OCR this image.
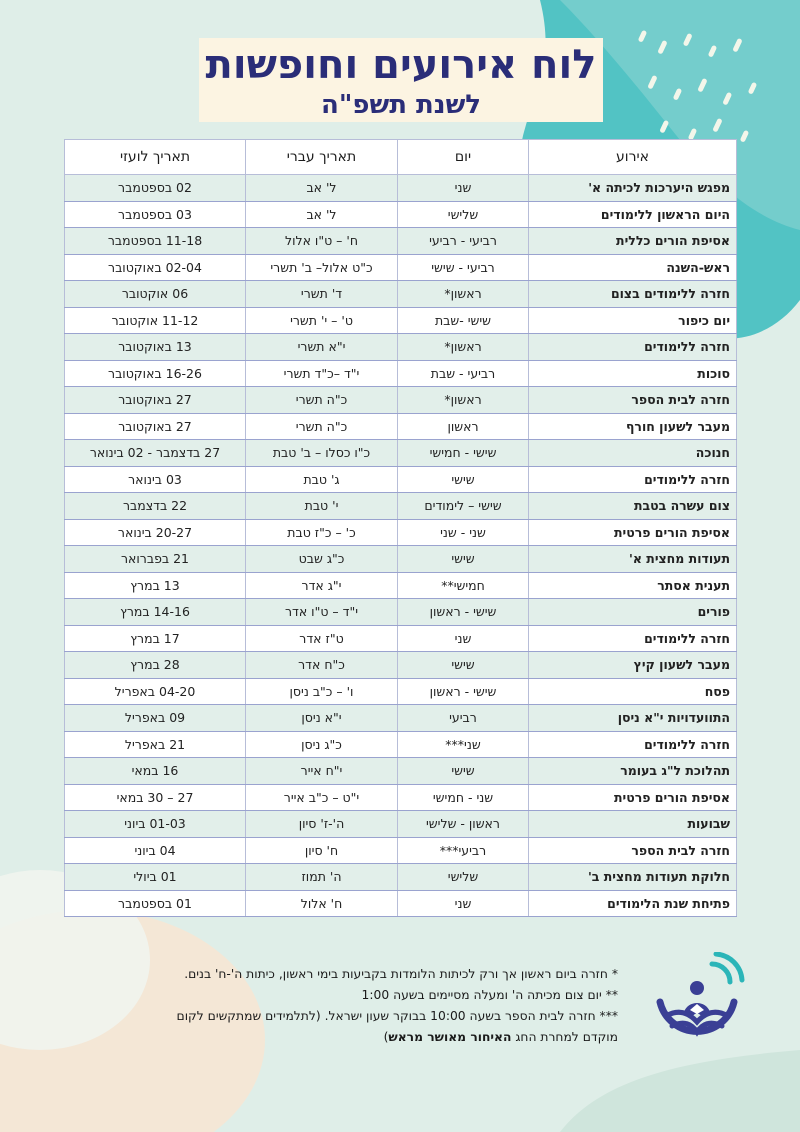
לוח אירועים וחופשות
לשנת תשפ"ה
אירוע	יום	תאריך עברי	תאריך לועזי
מפגש היערכות לכיתה א'	שני	ל' אב	02 בספטמבר
היום הראשון ללימודים	שלישי	ל' אב	03 בספטמבר
אסיפת הורים כללית	רביעי - רביעי	ח' – ט"ו אלול	11-18 בספטמבר
ראש-השנה	רביעי - שישי	כ"ט אלול– ב' תשרי	02-04 באוקטובר
חזרה ללימודים בצום	ראשון*	ד' תשרי	06 אוקטובר
יום כיפור	שישי -שבת	ט' – י' תשרי	11-12 אוקטובר
חזרה ללימודים	ראשון*	י"א תשרי	13 באוקטובר
סוכות	רביעי - שבת	י"ד –כ"ד תשרי	16-26 באוקטובר
חזרה לבית הספר	ראשון*	כ"ה תשרי	27 באוקטובר
מעבר לשעון חורף	ראשון	כ"ה תשרי	27 באוקטובר
חנוכה	שישי - חמישי	כ"ו כסלו – ב' טבת	27 בדצמבר - 02 בינואר
חזרה ללימודים	שישי	ג' טבת	03 בינואר
צום עשרה בטבת	שישי – לימודים	י' טבת	22 בדצמבר
אסיפת הורים פרטית	שני - שני	כ' – כ"ז טבת	20-27 בינואר
תעודות מחצית א'	שישי	כ"ג שבט	21 בפברואר
תענית אסתר	חמישי**	י"ג אדר	13 במרץ
פורים	שישי - ראשון	י"ד – ט"ו אדר	14-16 במרץ
חזרה ללימודים	שני	ט"ז אדר	17 במרץ
מעבר לשעון קיץ	שישי	כ"ח אדר	28 במרץ
פסח	שישי - ראשון	ו' – כ"ב ניסן	04-20 באפריל
התוועדויות י"א ניסן	רביעי	י"א ניסן	09 באפריל
חזרה ללימודים	שני***	כ"ג ניסן	21 באפריל
תהלוכת ל"ג בעומר	שישי	י"ח אייר	16 במאי
אסיפת הורים פרטית	שני - חמישי	י"ט – כ"ב אייר	27 – 30 במאי
שבועות	ראשון - שלישי	ה'-ז' סיון	01-03 ביוני
חזרה לבית הספר	רביעי***	ח' סיון	04 ביוני
חלוקת תעודות מחצית ב'	שלישי	ה' תמוז	01 ביולי
פתיחת שנת הלימודים	שני	ח' אלול	01 בספטמבר

* חזרה ביום ראשון אך ורק לכיתות הלומדות בקביעות בימי ראשון, כיתות ה'-ח' בנים.

** יום צום מכיתה ה' ומעלה מסיימים בשעה 1:00

*** חזרה לבית הספר בשעה 10:00 בבוקר שעון ישראל. (לתלמידים שמתקשים לקום

מוקדם למחרת החג האיחור מאושר מראש)
